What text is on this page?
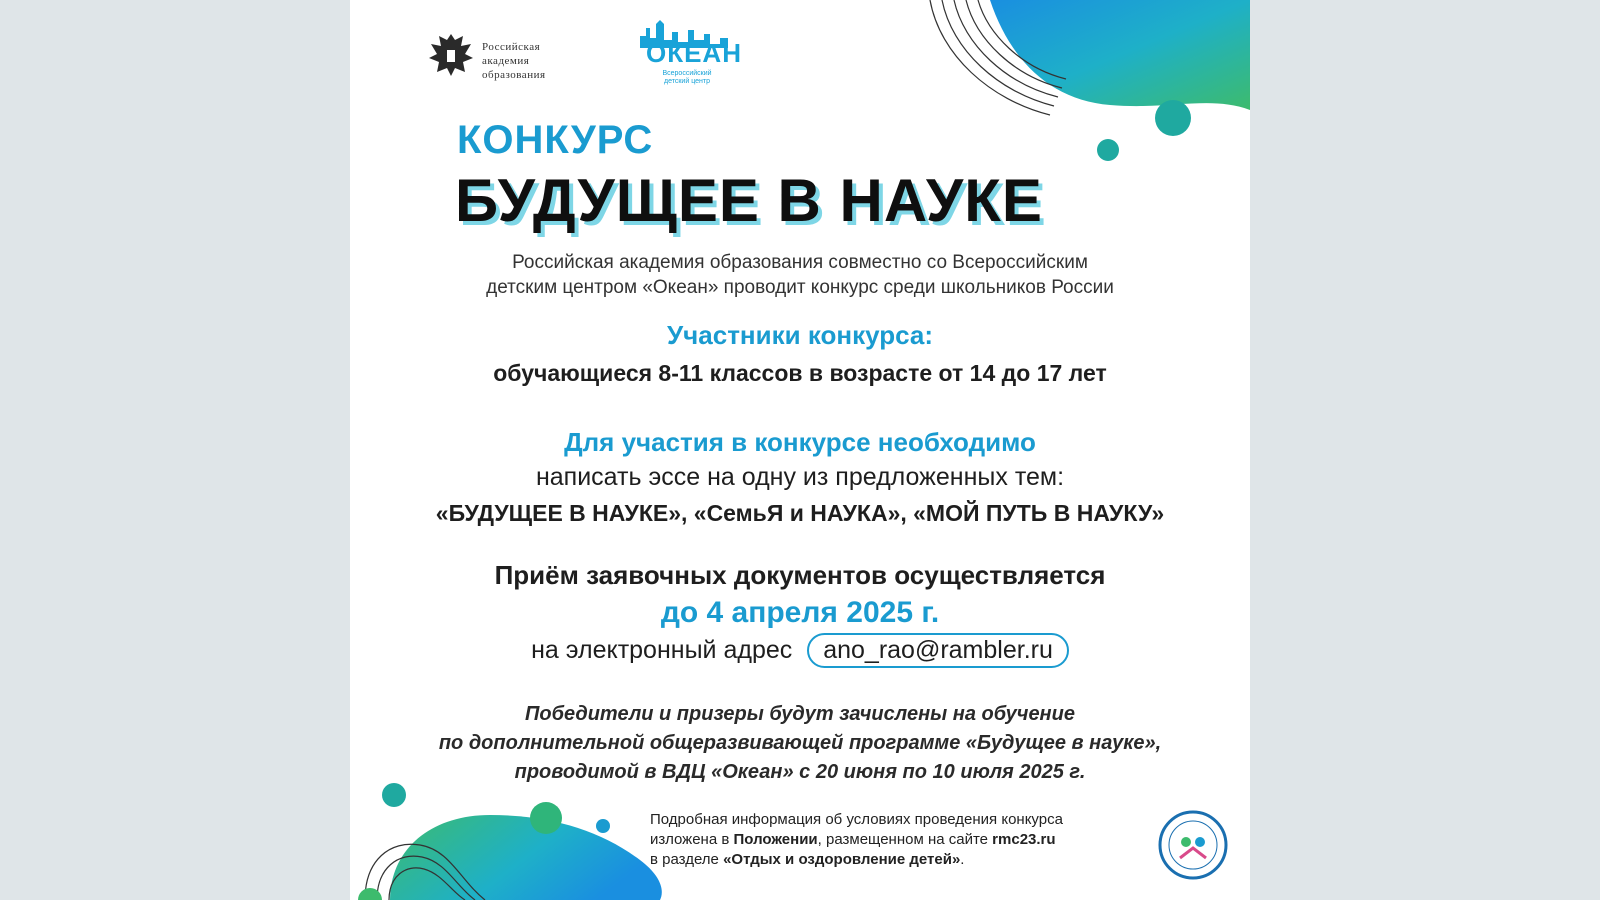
Российская
академия
образования
ОКЕАН
Всероссийский
детский центр
КОНКУРС
БУДУЩЕЕ В НАУКЕ
Российская академия образования совместно со Всероссийским
детским центром «Океан» проводит конкурс среди школьников России
Участники конкурса:
обучающиеся 8-11 классов в возрасте от 14 до 17 лет
Для участия в конкурсе необходимо
написать эссе на одну из предложенных тем:
«БУДУЩЕЕ В НАУКЕ», «СемьЯ и НАУКА», «МОЙ ПУТЬ В НАУКУ»
Приём заявочных документов осуществляется
до 4 апреля 2025 г.
на электронный адрес ano_rao@rambler.ru
Победители и призеры будут зачислены на обучение
по дополнительной общеразвивающей программе «Будущее в науке»,
проводимой в ВДЦ «Океан» с 20 июня по 10 июля 2025 г.
Подробная информация об условиях проведения конкурса
изложена в Положении, размещенном на сайте rmc23.ru
в разделе «Отдых и оздоровление детей».
